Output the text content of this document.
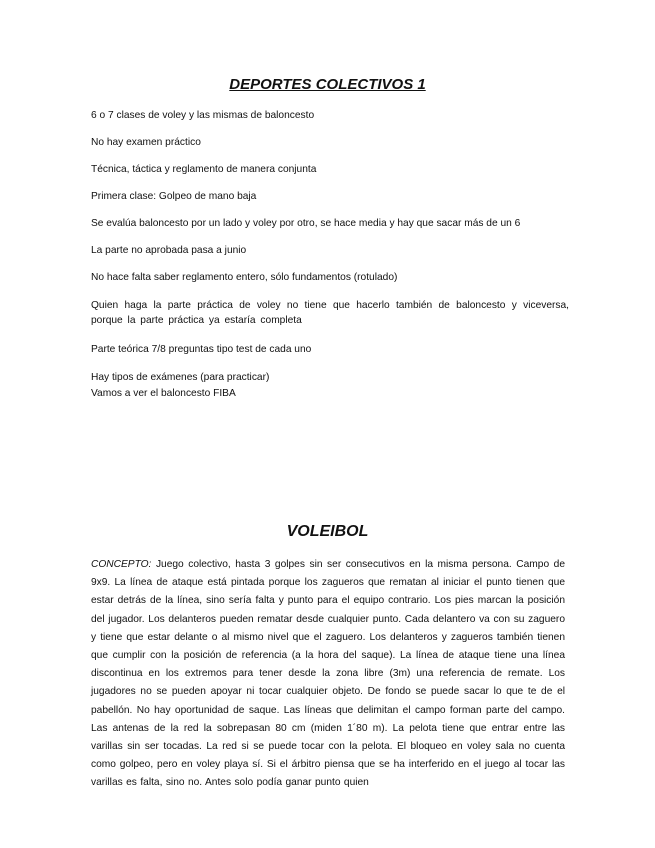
DEPORTES COLECTIVOS 1

6 o 7 clases de voley y las mismas de baloncesto

No hay examen práctico

Técnica, táctica y reglamento de manera conjunta

Primera clase: Golpeo de mano baja

Se evalúa baloncesto por un lado y voley por otro, se hace media y hay que sacar más de un 6

La parte no aprobada pasa a junio

No hace falta saber reglamento entero, sólo fundamentos (rotulado)

Quien haga la parte práctica de voley no tiene que hacerlo también de baloncesto y viceversa, porque la parte práctica ya estaría completa

Parte teórica 7/8 preguntas tipo test de cada uno

Hay tipos de exámenes (para practicar)

Vamos a ver el baloncesto FIBA

VOLEIBOL

CONCEPTO: Juego colectivo, hasta 3 golpes sin ser consecutivos en la misma persona. Campo de 9x9. La línea de ataque está pintada porque los zagueros que rematan al iniciar el punto tienen que estar detrás de la línea, sino sería falta y punto para el equipo contrario. Los pies marcan la posición del jugador. Los delanteros pueden rematar desde cualquier punto. Cada delantero va con su zaguero y tiene que estar delante o al mismo nivel que el zaguero. Los delanteros y zagueros también tienen que cumplir con la posición de referencia (a la hora del saque). La línea de ataque tiene una línea discontinua en los extremos para tener desde la zona libre (3m) una referencia de remate. Los jugadores no se pueden apoyar ni tocar cualquier objeto. De fondo se puede sacar lo que te de el pabellón. No hay oportunidad de saque. Las líneas que delimitan el campo forman parte del campo. Las antenas de la red la sobrepasan 80 cm (miden 1´80 m). La pelota tiene que entrar entre las varillas sin ser tocadas. La red si se puede tocar con la pelota. El bloqueo en voley sala no cuenta como golpeo, pero en voley playa sí. Si el árbitro piensa que se ha interferido en el juego al tocar las varillas es falta, sino no. Antes solo podía ganar punto quien
